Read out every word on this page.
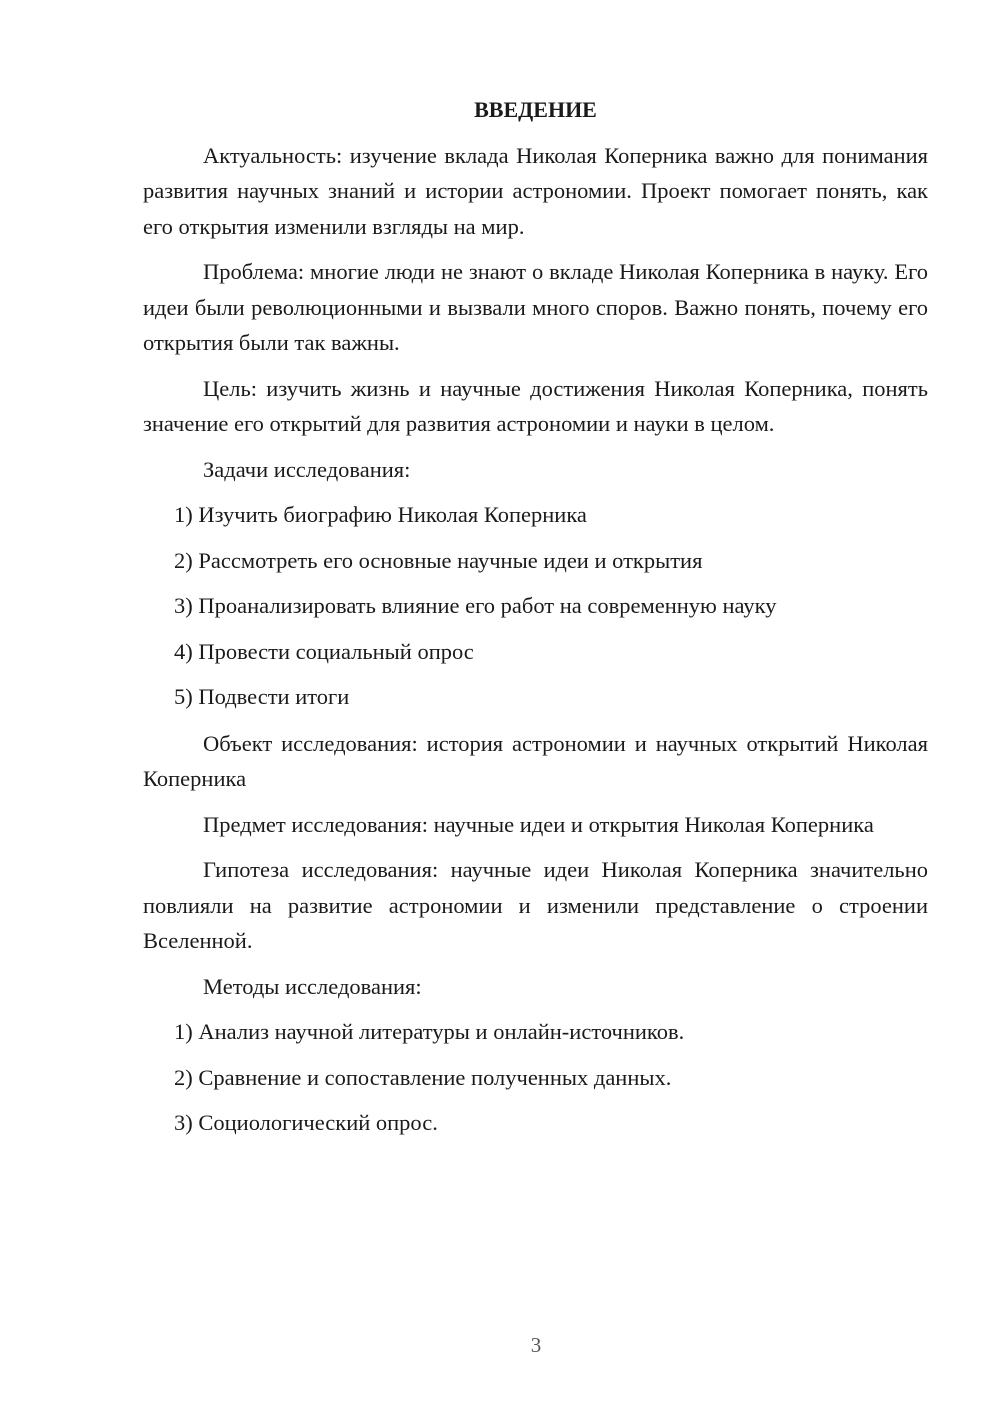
ВВЕДЕНИЕ

Актуальность: изучение вклада Николая Коперника важно для понимания развития научных знаний и истории астрономии. Проект помогает понять, как его открытия изменили взгляды на мир.

Проблема: многие люди не знают о вкладе Николая Коперника в науку. Его идеи были революционными и вызвали много споров. Важно понять, почему его открытия были так важны.

Цель: изучить жизнь и научные достижения Николая Коперника, понять значение его открытий для развития астрономии и науки в целом.

Задачи исследования:

1) Изучить биографию Николая Коперника
2) Рассмотреть его основные научные идеи и открытия
3) Проанализировать влияние его работ на современную науку
4) Провести социальный опрос
5) Подвести итоги

Объект исследования: история астрономии и научных открытий Николая Коперника

Предмет исследования: научные идеи и открытия Николая Коперника

Гипотеза исследования: научные идеи Николая Коперника значительно повлияли на развитие астрономии и изменили представление о строении Вселенной.

Методы исследования:

1) Анализ научной литературы и онлайн-источников.
2) Сравнение и сопоставление полученных данных.
3) Социологический опрос.
3
